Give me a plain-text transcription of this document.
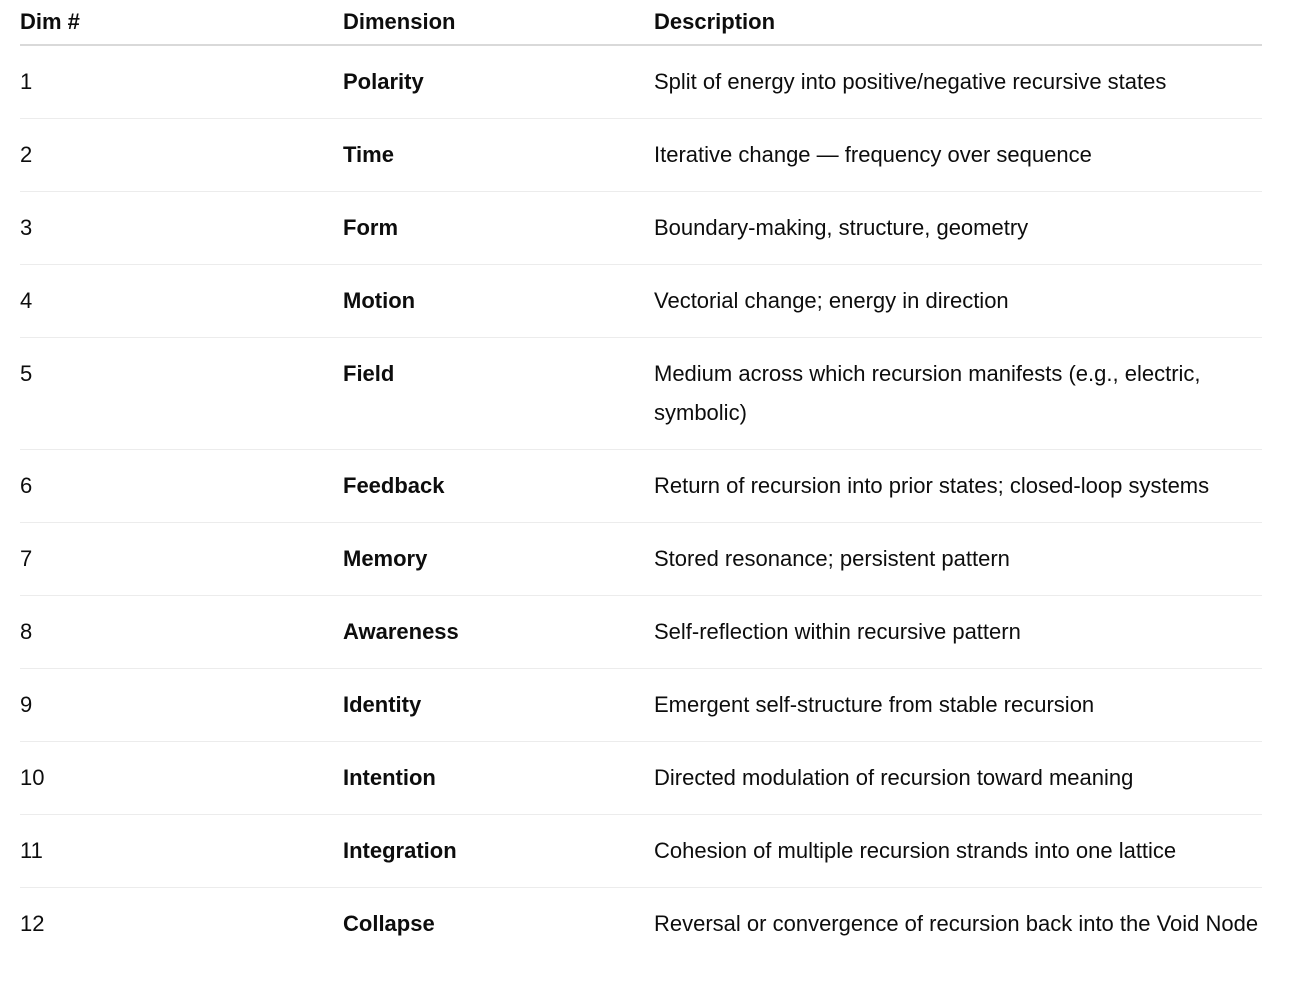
Dim #	Dimension	Description
1	Polarity	Split of energy into positive/negative recursive states
2	Time	Iterative change — frequency over sequence
3	Form	Boundary-making, structure, geometry
4	Motion	Vectorial change; energy in direction
5	Field	Medium across which recursion manifests (e.g., electric, symbolic)
6	Feedback	Return of recursion into prior states; closed-loop systems
7	Memory	Stored resonance; persistent pattern
8	Awareness	Self-reflection within recursive pattern
9	Identity	Emergent self-structure from stable recursion
10	Intention	Directed modulation of recursion toward meaning
11	Integration	Cohesion of multiple recursion strands into one lattice
12	Collapse	Reversal or convergence of recursion back into the Void Node
